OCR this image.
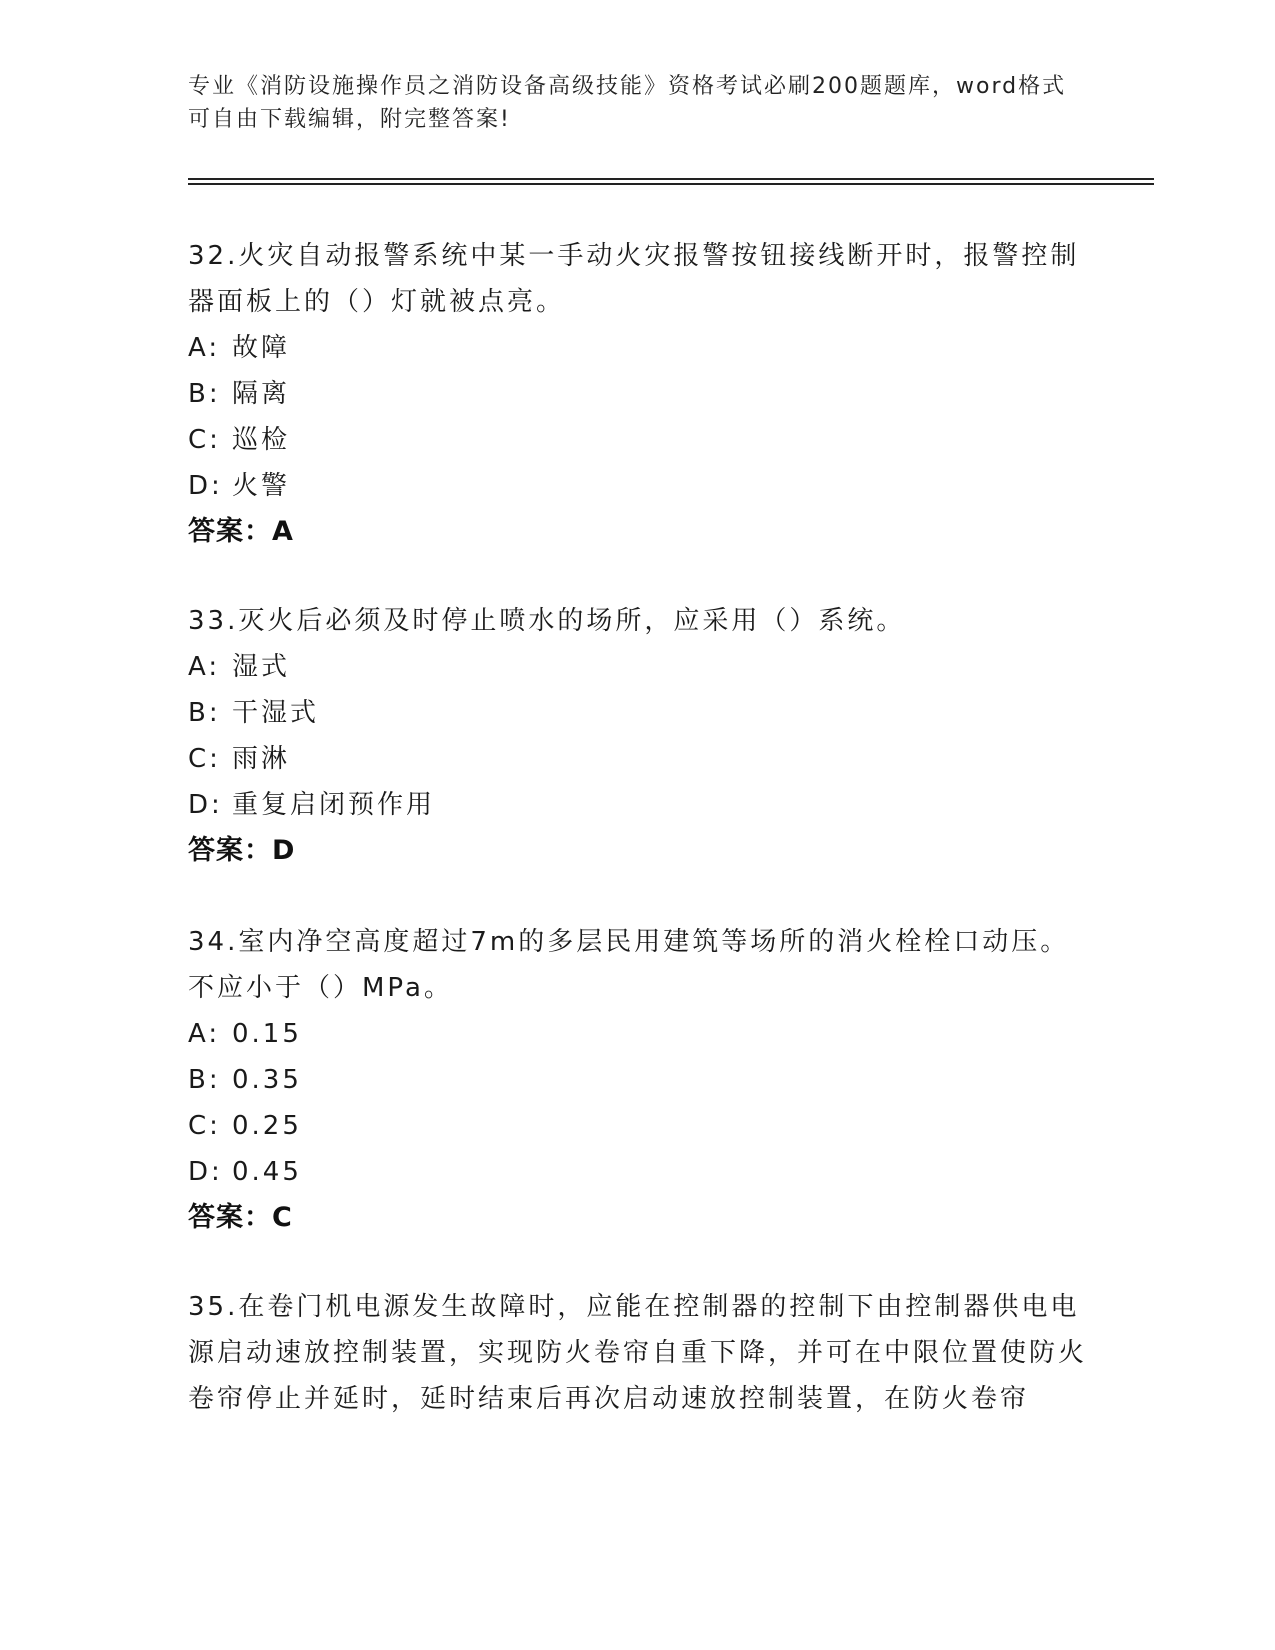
专业《消防设施操作员之消防设备高级技能》资格考试必刷200题题库，word格式可自由下载编辑，附完整答案!

32.火灾自动报警系统中某一手动火灾报警按钮接线断开时，报警控制器面板上的（）灯就被点亮。

A: 故障

B: 隔离

C: 巡检

D: 火警

答案：A

33.灭火后必须及时停止喷水的场所，应采用（）系统。

A: 湿式

B: 干湿式

C: 雨淋

D: 重复启闭预作用

答案：D

34.室内净空高度超过7m的多层民用建筑等场所的消火栓栓口动压。不应小于（）MPa。

A: 0.15

B: 0.35

C: 0.25

D: 0.45

答案：C

35.在卷门机电源发生故障时，应能在控制器的控制下由控制器供电电源启动速放控制装置，实现防火卷帘自重下降，并可在中限位置使防火卷帘停止并延时，延时结束后再次启动速放控制装置，在防火卷帘
